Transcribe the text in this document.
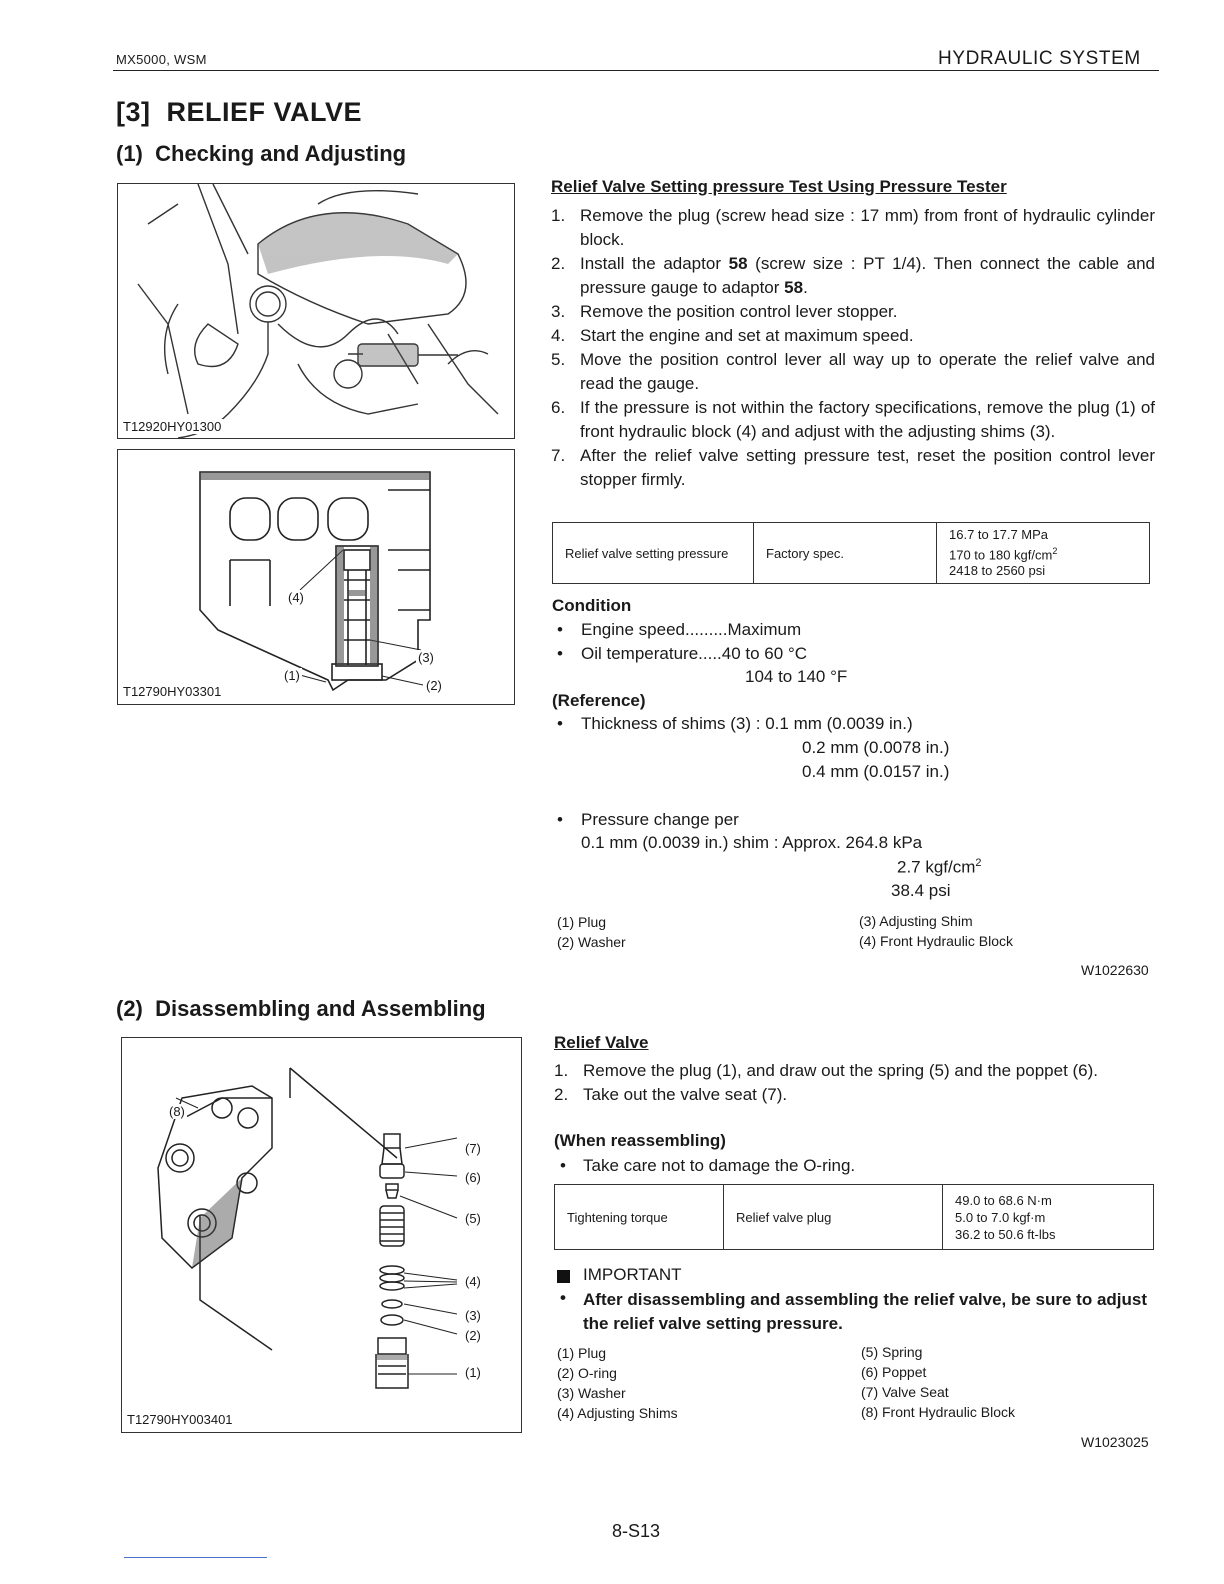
MX5000, WSM	HYDRAULIC SYSTEM
[3]  RELIEF VALVE
(1)  Checking and Adjusting
T12920HY01300
(4)
(3)
(1)
(2)
T12790HY03301
Relief Valve Setting pressure Test Using Pressure Tester
1. Remove the plug (screw head size : 17 mm) from front of hydraulic cylinder block.
2. Install the adaptor 58 (screw size : PT 1/4). Then connect the cable and pressure gauge to adaptor 58.
3. Remove the position control lever stopper.
4. Start the engine and set at maximum speed.
5. Move the position control lever all way up to operate the relief valve and read the gauge.
6. If the pressure is not within the factory specifications, remove the plug (1) of front hydraulic block (4) and adjust with the adjusting shims (3).
7. After the relief valve setting pressure test, reset the position control lever stopper firmly.
Relief valve setting pressure	Factory spec.	
16.7 to 17.7 MPa
170 to 180 kgf/$cm^2$
2418 to 2560 psi
Condition
• Engine speed.........Maximum
• Oil temperature.....40 to 60 °C
104 to 140 °F
(Reference)
• Thickness of shims (3) : 0.1 mm (0.0039 in.)
0.2 mm (0.0078 in.)
0.4 mm (0.0157 in.)
• Pressure change per
0.1 mm (0.0039 in.) shim : Approx. 264.8 kPa
2.7 kgf/$cm^2$
38.4 psi
(1) Plug
(2) Washer
(3) Adjusting Shim
(4) Front Hydraulic Block
W1022630
(2)  Disassembling and Assembling
(8)
(7)
(6)
(5)
(4)
(3)
(2)
(1)
T12790HY003401
Relief Valve
1. Remove the plug (1), and draw out the spring (5) and the poppet (6).
2. Take out the valve seat (7).
(When reassembling)
• Take care not to damage the O-ring.
Tightening torque	Relief valve plug	
49.0 to 68.6 N·m
5.0 to 7.0 kgf·m
36.2 to 50.6 ft-lbs
IMPORTANT
• After disassembling and assembling the relief valve, be sure to adjust the relief valve setting pressure.
(1) Plug
(2) O-ring
(3) Washer
(4) Adjusting Shims
(5) Spring
(6) Poppet
(7) Valve Seat
(8) Front Hydraulic Block
W1023025
8-S13
